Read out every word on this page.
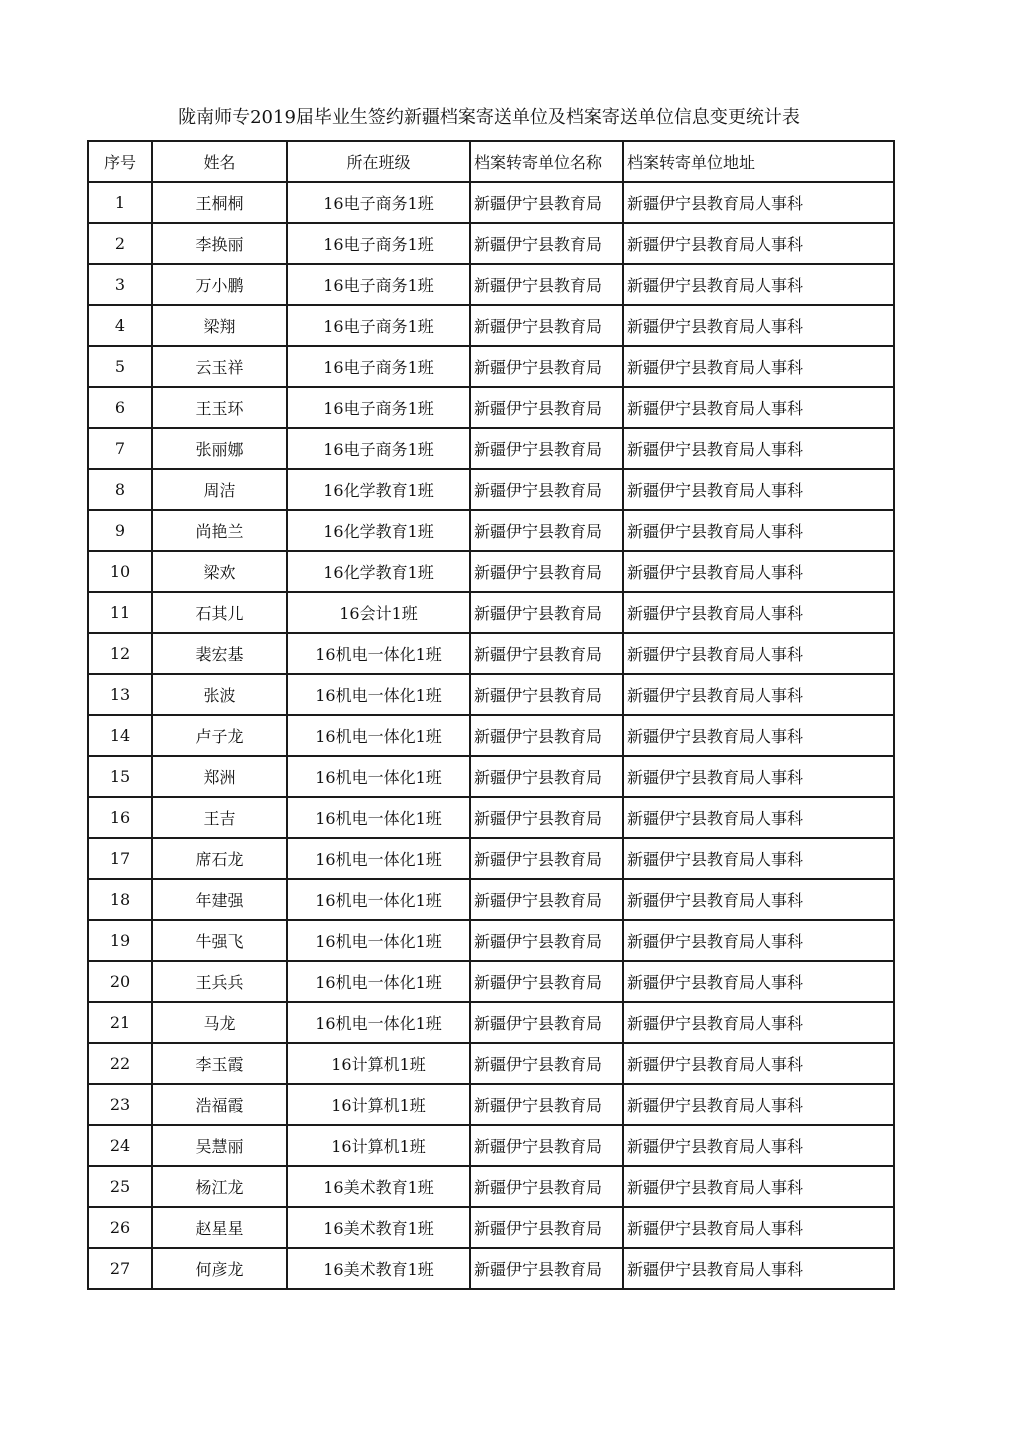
陇南师专2019届毕业生签约新疆档案寄送单位及档案寄送单位信息变更统计表
序号	姓名	所在班级	档案转寄单位名称	档案转寄单位地址
1	王桐桐	16电子商务1班	新疆伊宁县教育局	新疆伊宁县教育局人事科
2	李换丽	16电子商务1班	新疆伊宁县教育局	新疆伊宁县教育局人事科
3	万小鹏	16电子商务1班	新疆伊宁县教育局	新疆伊宁县教育局人事科
4	梁翔	16电子商务1班	新疆伊宁县教育局	新疆伊宁县教育局人事科
5	云玉祥	16电子商务1班	新疆伊宁县教育局	新疆伊宁县教育局人事科
6	王玉环	16电子商务1班	新疆伊宁县教育局	新疆伊宁县教育局人事科
7	张丽娜	16电子商务1班	新疆伊宁县教育局	新疆伊宁县教育局人事科
8	周洁	16化学教育1班	新疆伊宁县教育局	新疆伊宁县教育局人事科
9	尚艳兰	16化学教育1班	新疆伊宁县教育局	新疆伊宁县教育局人事科
10	梁欢	16化学教育1班	新疆伊宁县教育局	新疆伊宁县教育局人事科
11	石其儿	16会计1班	新疆伊宁县教育局	新疆伊宁县教育局人事科
12	裴宏基	16机电一体化1班	新疆伊宁县教育局	新疆伊宁县教育局人事科
13	张波	16机电一体化1班	新疆伊宁县教育局	新疆伊宁县教育局人事科
14	卢子龙	16机电一体化1班	新疆伊宁县教育局	新疆伊宁县教育局人事科
15	郑洲	16机电一体化1班	新疆伊宁县教育局	新疆伊宁县教育局人事科
16	王吉	16机电一体化1班	新疆伊宁县教育局	新疆伊宁县教育局人事科
17	席石龙	16机电一体化1班	新疆伊宁县教育局	新疆伊宁县教育局人事科
18	年建强	16机电一体化1班	新疆伊宁县教育局	新疆伊宁县教育局人事科
19	牛强飞	16机电一体化1班	新疆伊宁县教育局	新疆伊宁县教育局人事科
20	王兵兵	16机电一体化1班	新疆伊宁县教育局	新疆伊宁县教育局人事科
21	马龙	16机电一体化1班	新疆伊宁县教育局	新疆伊宁县教育局人事科
22	李玉霞	16计算机1班	新疆伊宁县教育局	新疆伊宁县教育局人事科
23	浩福霞	16计算机1班	新疆伊宁县教育局	新疆伊宁县教育局人事科
24	吴慧丽	16计算机1班	新疆伊宁县教育局	新疆伊宁县教育局人事科
25	杨江龙	16美术教育1班	新疆伊宁县教育局	新疆伊宁县教育局人事科
26	赵星星	16美术教育1班	新疆伊宁县教育局	新疆伊宁县教育局人事科
27	何彦龙	16美术教育1班	新疆伊宁县教育局	新疆伊宁县教育局人事科
